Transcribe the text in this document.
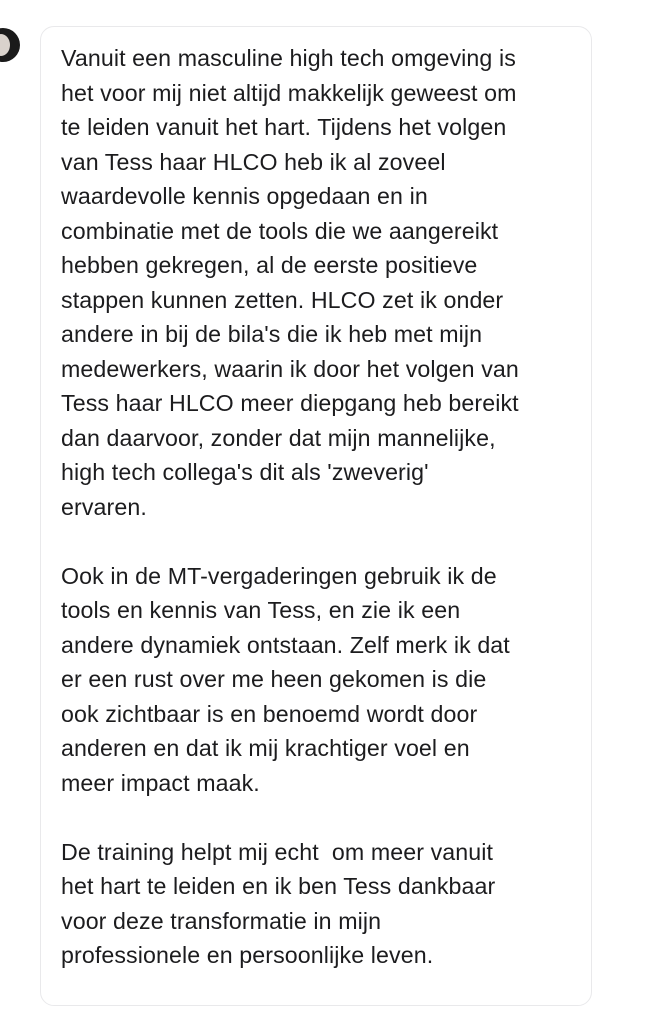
Vanuit een masculine high tech omgeving is
het voor mij niet altijd makkelijk geweest om
te leiden vanuit het hart. Tijdens het volgen
van Tess haar HLCO heb ik al zoveel
waardevolle kennis opgedaan en in
combinatie met de tools die we aangereikt
hebben gekregen, al de eerste positieve
stappen kunnen zetten. HLCO zet ik onder
andere in bij de bila's die ik heb met mijn
medewerkers, waarin ik door het volgen van
Tess haar HLCO meer diepgang heb bereikt
dan daarvoor, zonder dat mijn mannelijke,
high tech collega's dit als 'zweverig'
ervaren.
Ook in de MT-vergaderingen gebruik ik de
tools en kennis van Tess, en zie ik een
andere dynamiek ontstaan. Zelf merk ik dat
er een rust over me heen gekomen is die
ook zichtbaar is en benoemd wordt door
anderen en dat ik mij krachtiger voel en
meer impact maak.
De training helpt mij echt  om meer vanuit
het hart te leiden en ik ben Tess dankbaar
voor deze transformatie in mijn
professionele en persoonlijke leven.
